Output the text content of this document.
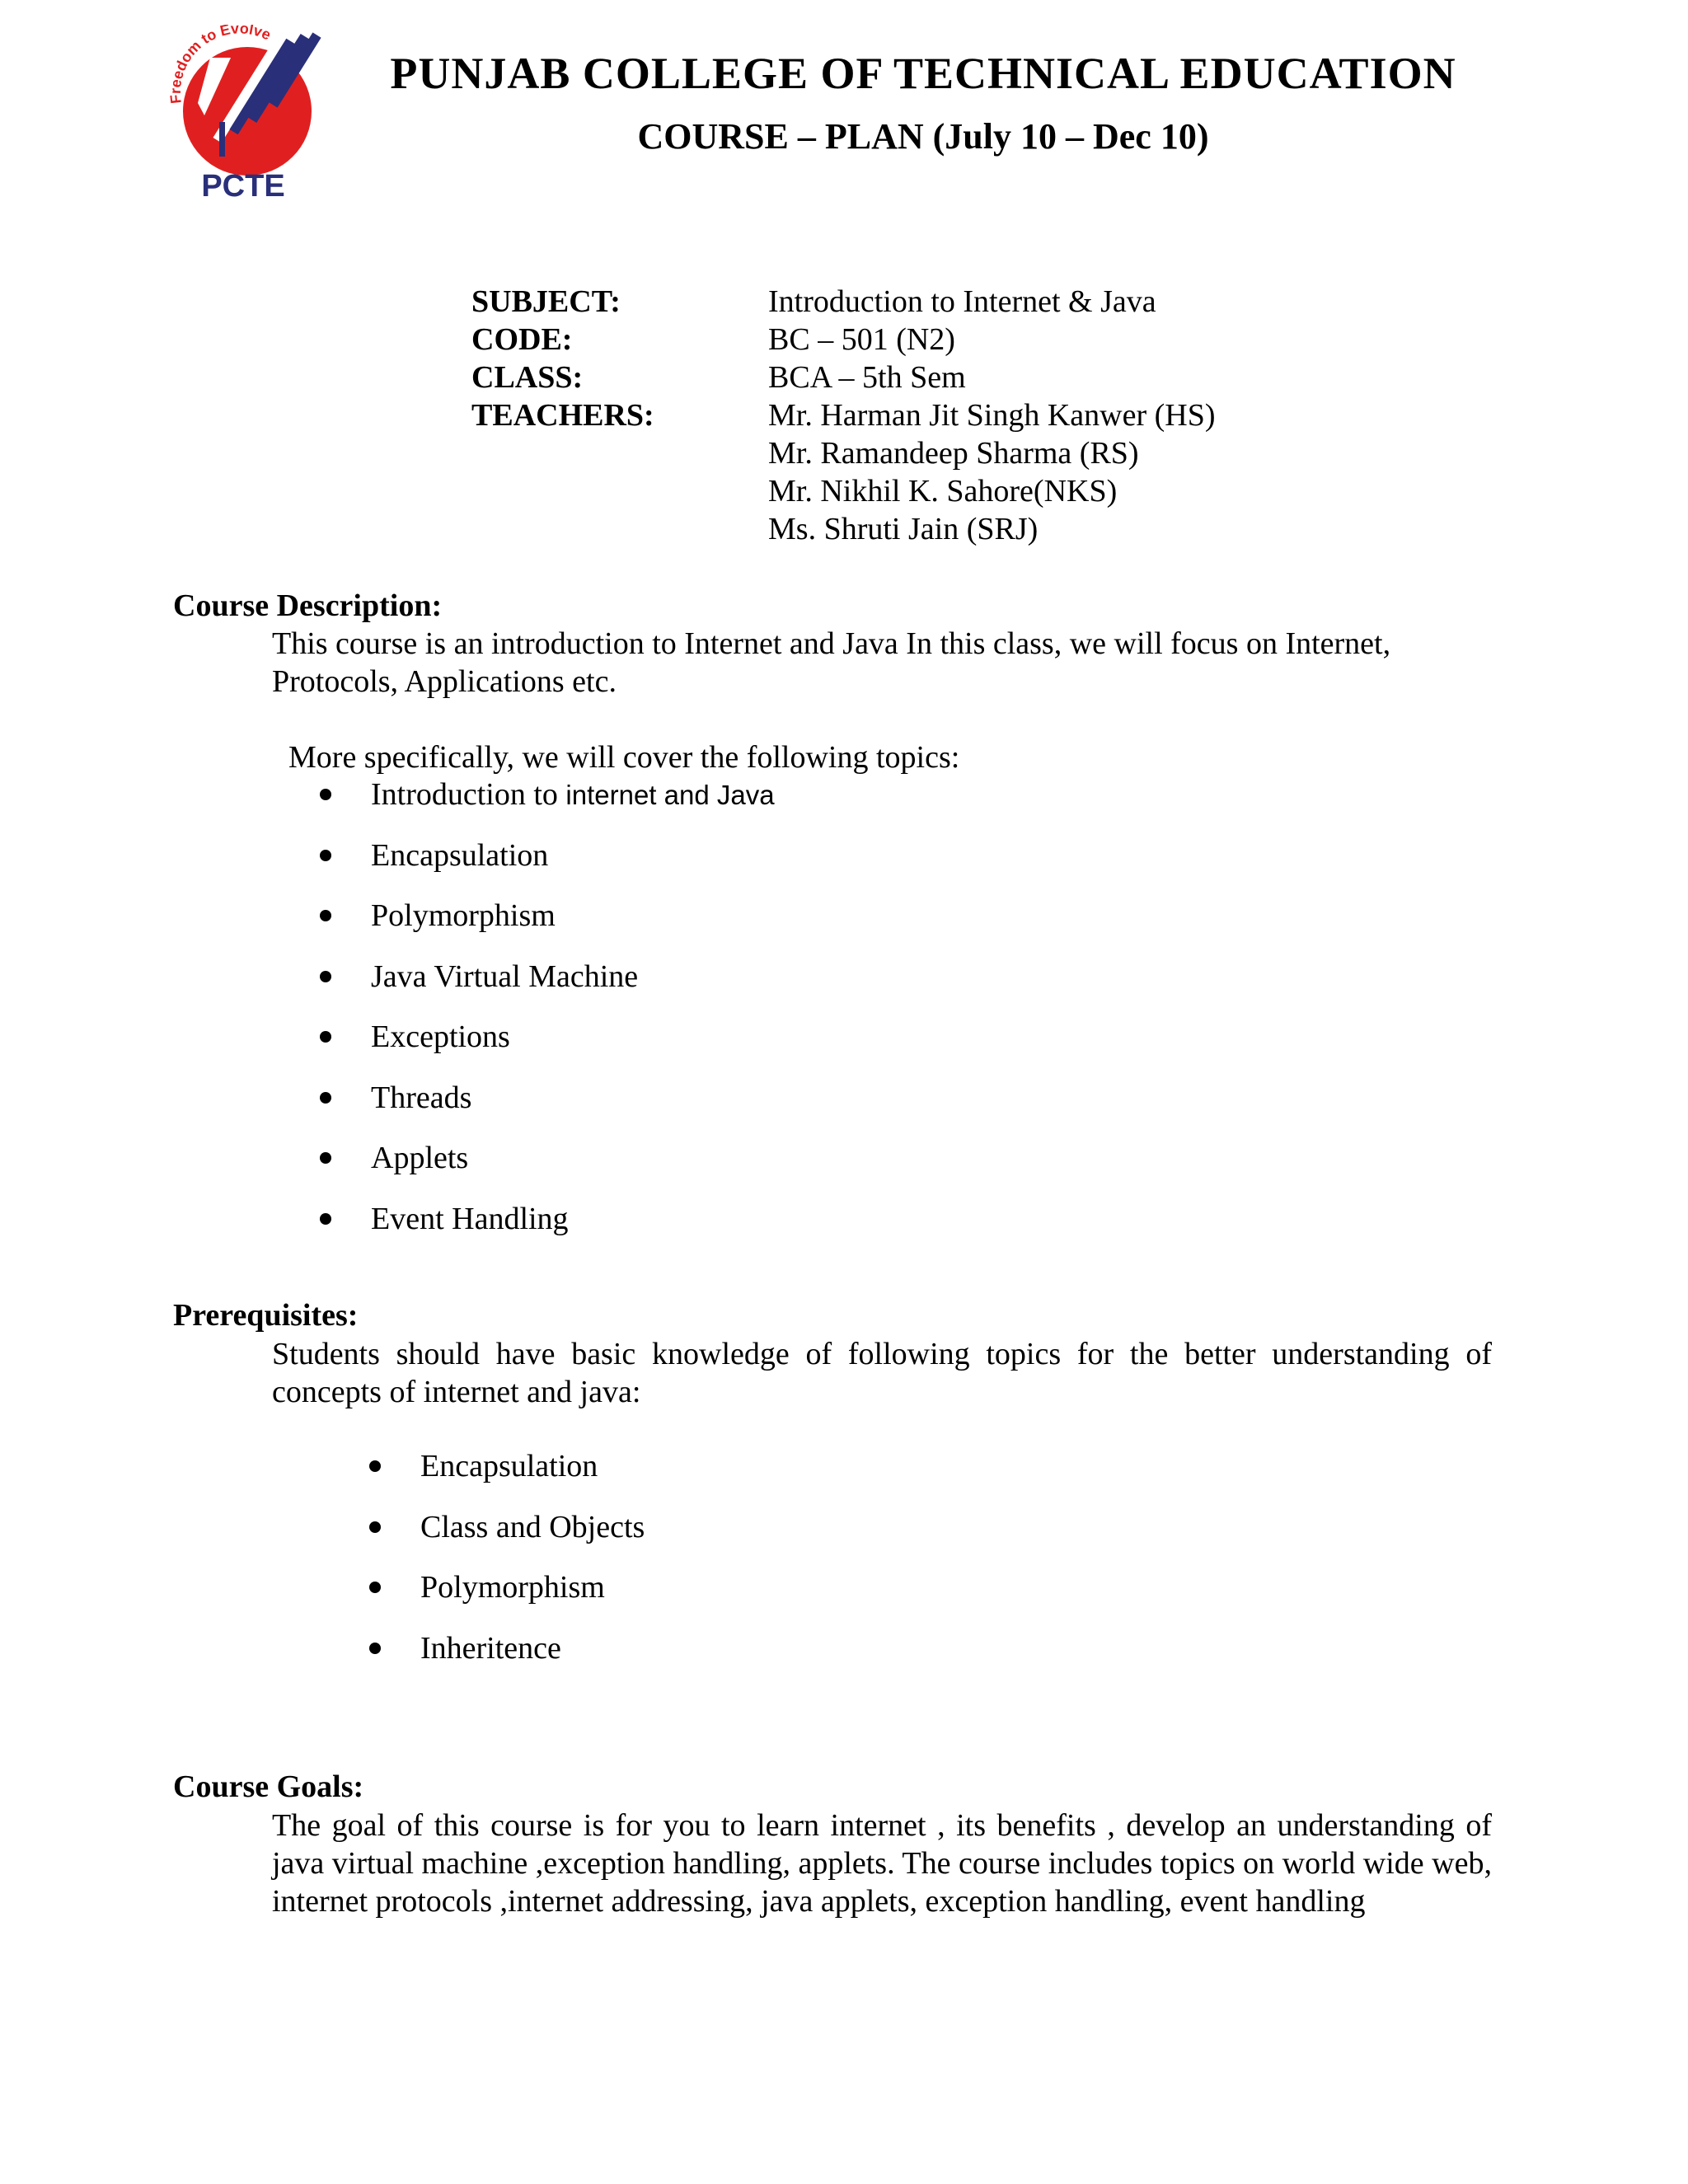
Freedom to Evolve
PCTE
PUNJAB COLLEGE OF TECHNICAL EDUCATION
COURSE – PLAN (July 10 – Dec 10)
SUBJECT:	Introduction to Internet & Java
CODE:	BC – 501 (N2)
CLASS:	BCA – 5th Sem
TEACHERS:	Mr. Harman Jit Singh Kanwer (HS)
Mr. Ramandeep Sharma (RS)
Mr. Nikhil K. Sahore(NKS)
Ms. Shruti Jain (SRJ)
Course Description:
This course is an introduction to Internet and Java In this class, we will focus on Internet, Protocols, Applications etc.
More specifically, we will cover the following topics:
Introduction to internet and Java
Encapsulation
Polymorphism
Java Virtual Machine
Exceptions
Threads
Applets
Event Handling
Prerequisites:
Students should have basic knowledge of following topics for the better understanding of concepts of internet and java:
Encapsulation
Class and Objects
Polymorphism
Inheritence
Course Goals:
The goal of this course is for you to learn internet , its benefits , develop an understanding of java virtual machine ,exception handling, applets. The course includes topics on world wide web, internet protocols ,internet addressing, java applets, exception handling, event handling
